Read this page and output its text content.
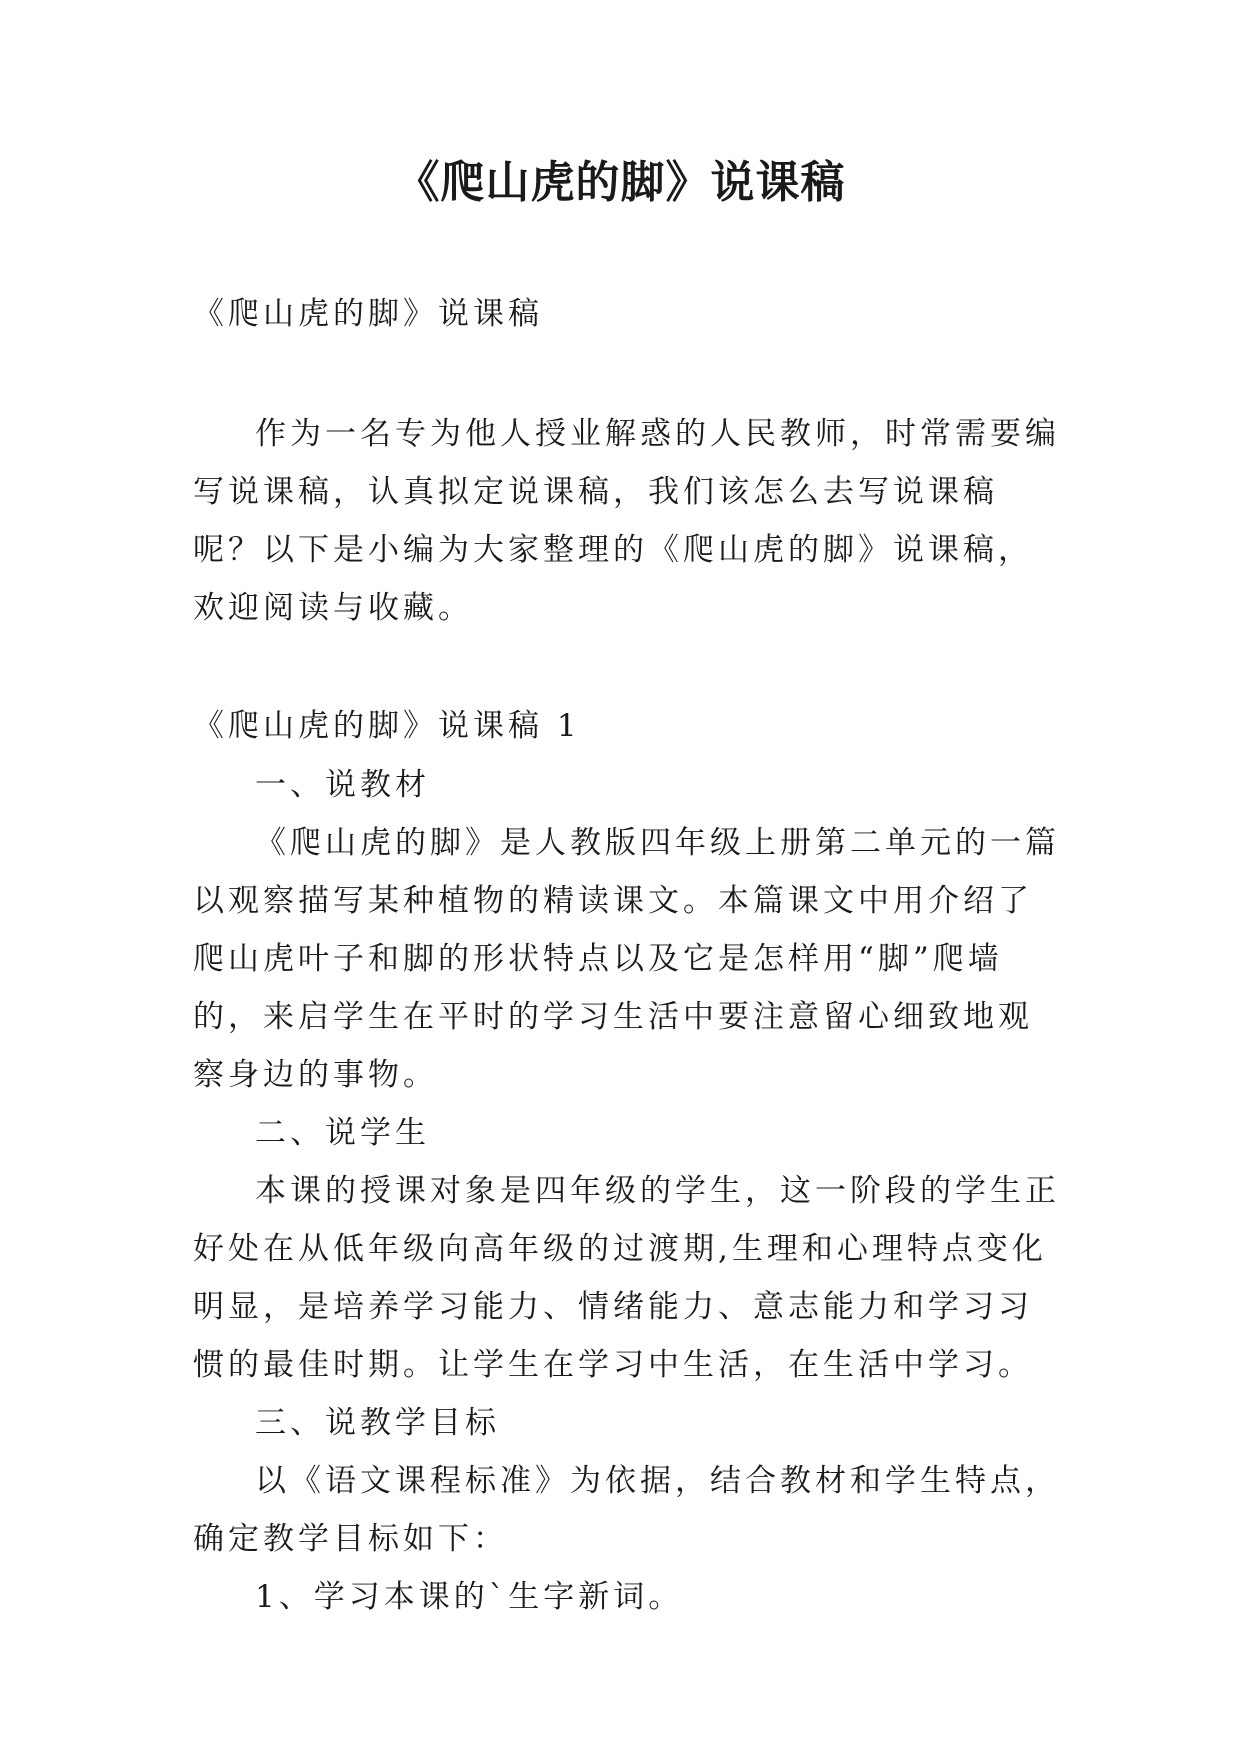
《爬山虎的脚》说课稿
《爬山虎的脚》说课稿

作为一名专为他人授业解惑的人民教师，时常需要编写说课稿，认真拟定说课稿，我们该怎么去写说课稿呢？以下是小编为大家整理的《爬山虎的脚》说课稿，欢迎阅读与收藏。

《爬山虎的脚》说课稿 1

一、说教材

《爬山虎的脚》是人教版四年级上册第二单元的一篇以观察描写某种植物的精读课文。本篇课文中用介绍了爬山虎叶子和脚的形状特点以及它是怎样用“脚”爬墙的，来启学生在平时的学习生活中要注意留心细致地观察身边的事物。

二、说学生

本课的授课对象是四年级的学生，这一阶段的学生正好处在从低年级向高年级的过渡期,生理和心理特点变化明显，是培养学习能力、情绪能力、意志能力和学习习惯的最佳时期。让学生在学习中生活，在生活中学习。

三、说教学目标

以《语文课程标准》为依据，结合教材和学生特点，确定教学目标如下：

1、学习本课的`生字新词。
